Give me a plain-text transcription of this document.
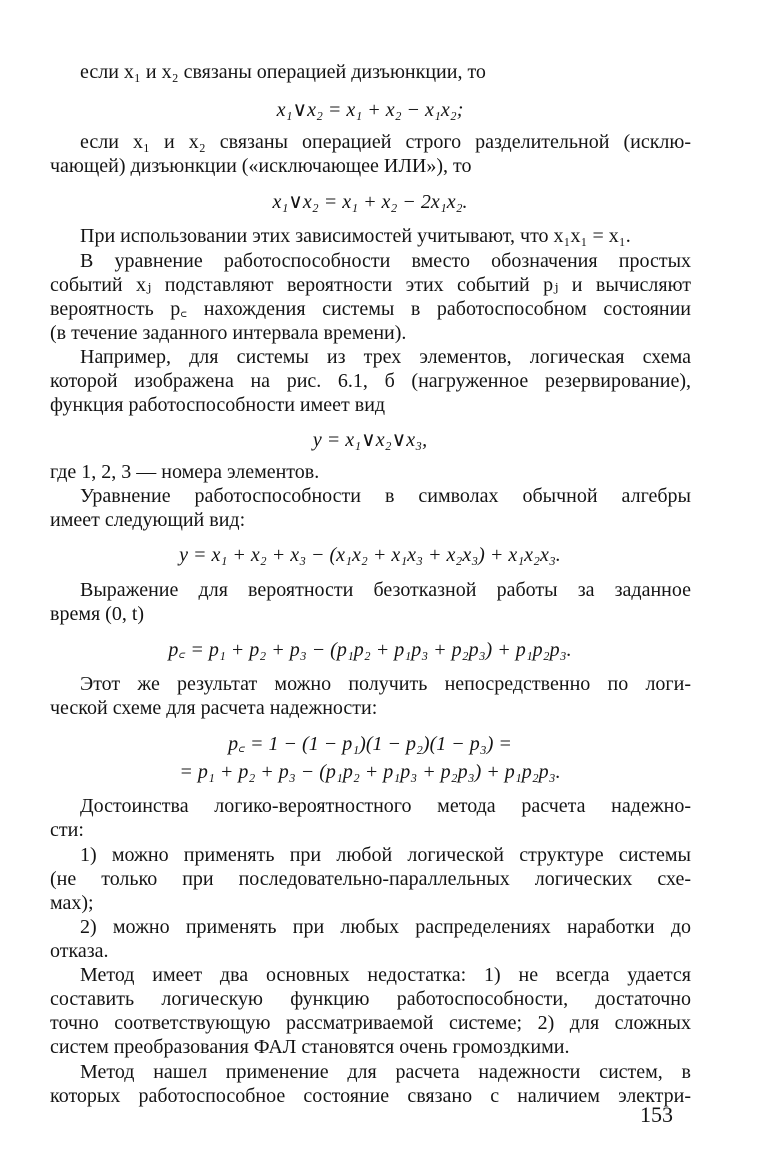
если x₁ и x₂ связаны операцией дизъюнкции, то
x₁∨x₂ = x₁ + x₂ − x₁x₂;
если x₁ и x₂ связаны операцией строго разделительной (исклю-
чающей) дизъюнкции («исключающее ИЛИ»), то
x₁∨x₂ = x₁ + x₂ − 2x₁x₂.
При использовании этих зависимостей учитывают, что x₁x₁ = x₁.
В уравнение работоспособности вместо обозначения простых
событий xⱼ подставляют вероятности этих событий pⱼ и вычисляют
вероятность p꜀ нахождения системы в работоспособном состоянии
(в течение заданного интервала времени).
Например, для системы из трех элементов, логическая схема
которой изображена на рис. 6.1, б (нагруженное резервирование),
функция работоспособности имеет вид
y = x₁∨x₂∨x₃,
где 1, 2, 3 — номера элементов.
Уравнение работоспособности в символах обычной алгебры
имеет следующий вид:
y = x₁ + x₂ + x₃ − (x₁x₂ + x₁x₃ + x₂x₃) + x₁x₂x₃.
Выражение для вероятности безотказной работы за заданное
время (0, t)
p꜀ = p₁ + p₂ + p₃ − (p₁p₂ + p₁p₃ + p₂p₃) + p₁p₂p₃.
Этот же результат можно получить непосредственно по логи-
ческой схеме для расчета надежности:
p꜀ = 1 − (1 − p₁)(1 − p₂)(1 − p₃) =
= p₁ + p₂ + p₃ − (p₁p₂ + p₁p₃ + p₂p₃) + p₁p₂p₃.
Достоинства логико-вероятностного метода расчета надежно-
сти:
1) можно применять при любой логической структуре системы
(не только при последовательно-параллельных логических схе-
мах);
2) можно применять при любых распределениях наработки до
отказа.
Метод имеет два основных недостатка: 1) не всегда удается
составить логическую функцию работоспособности, достаточно
точно соответствующую рассматриваемой системе; 2) для сложных
систем преобразования ФАЛ становятся очень громоздкими.
Метод нашел применение для расчета надежности систем, в
которых работоспособное состояние связано с наличием электри-
153
